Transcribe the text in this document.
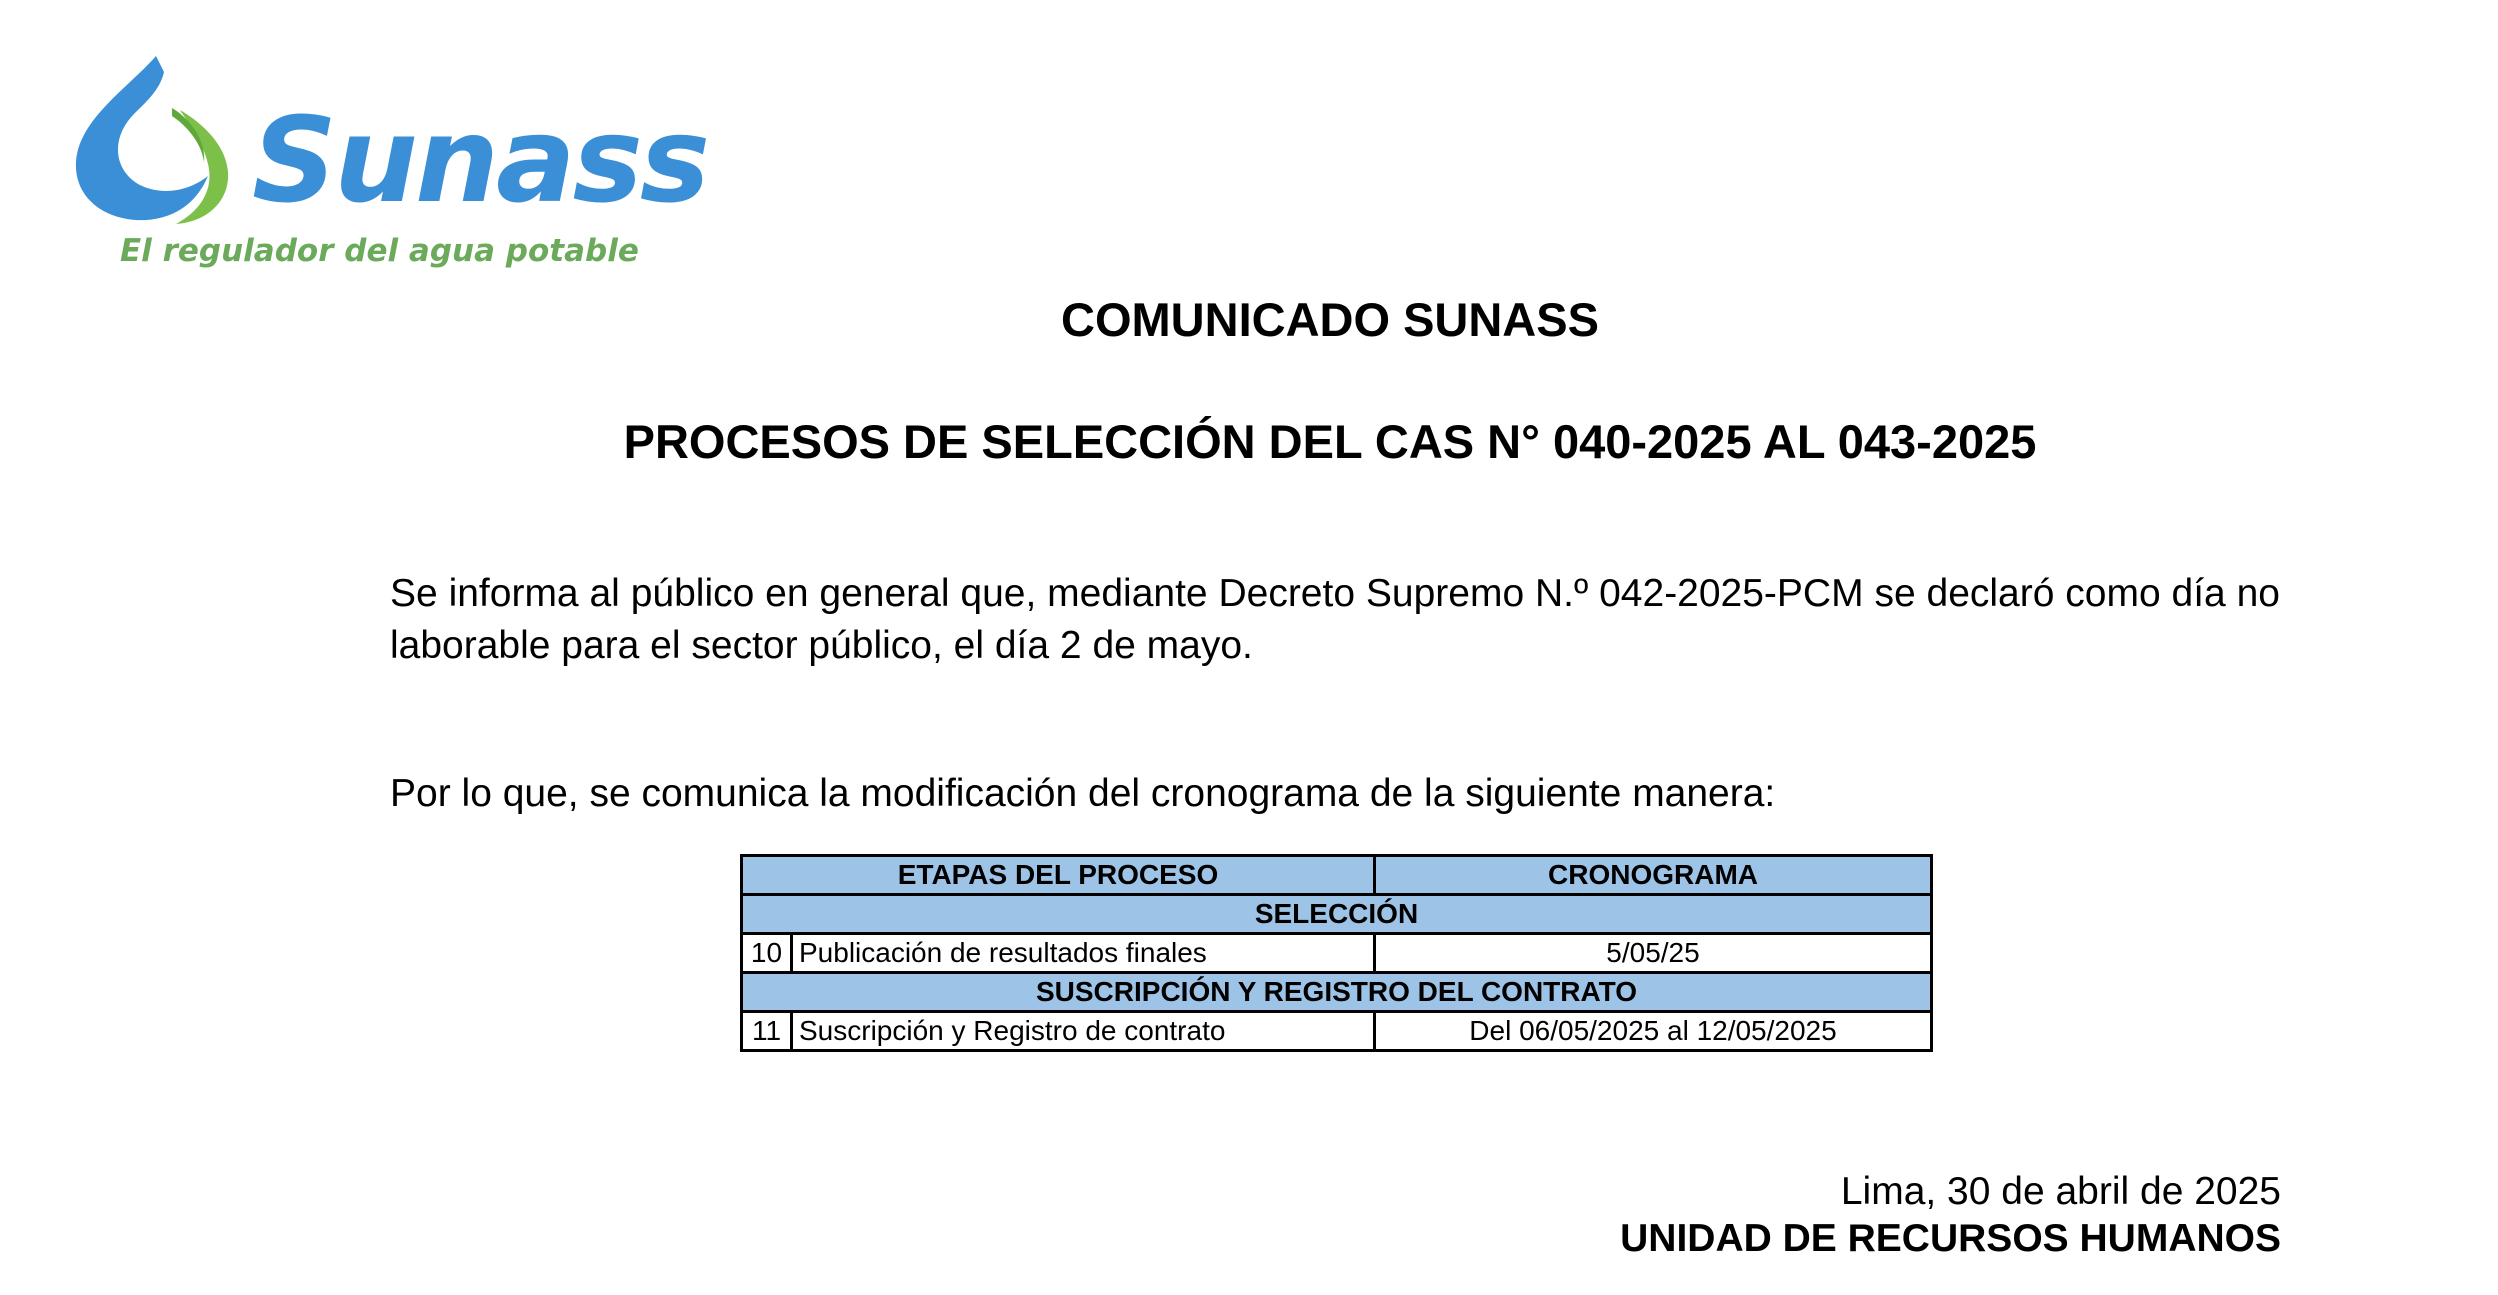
Sunass
El regulador del agua potable
COMUNICADO SUNASS
PROCESOS DE SELECCIÓN DEL CAS N° 040-2025 AL 043-2025
Se informa al público en general que, mediante Decreto Supremo N.º 042-2025-PCM se declaró como día no laborable para el sector público, el día 2 de mayo.
Por lo que, se comunica la modificación del cronograma de la siguiente manera:
ETAPAS DEL PROCESO		CRONOGRAMA
SELECCIÓN		
10	Publicación de resultados finales	5/05/25
SUSCRIPCIÓN Y REGISTRO DEL CONTRATO		
11	Suscripción y Registro de contrato	Del 06/05/2025 al 12/05/2025
Lima, 30 de abril de 2025
UNIDAD DE RECURSOS HUMANOS
